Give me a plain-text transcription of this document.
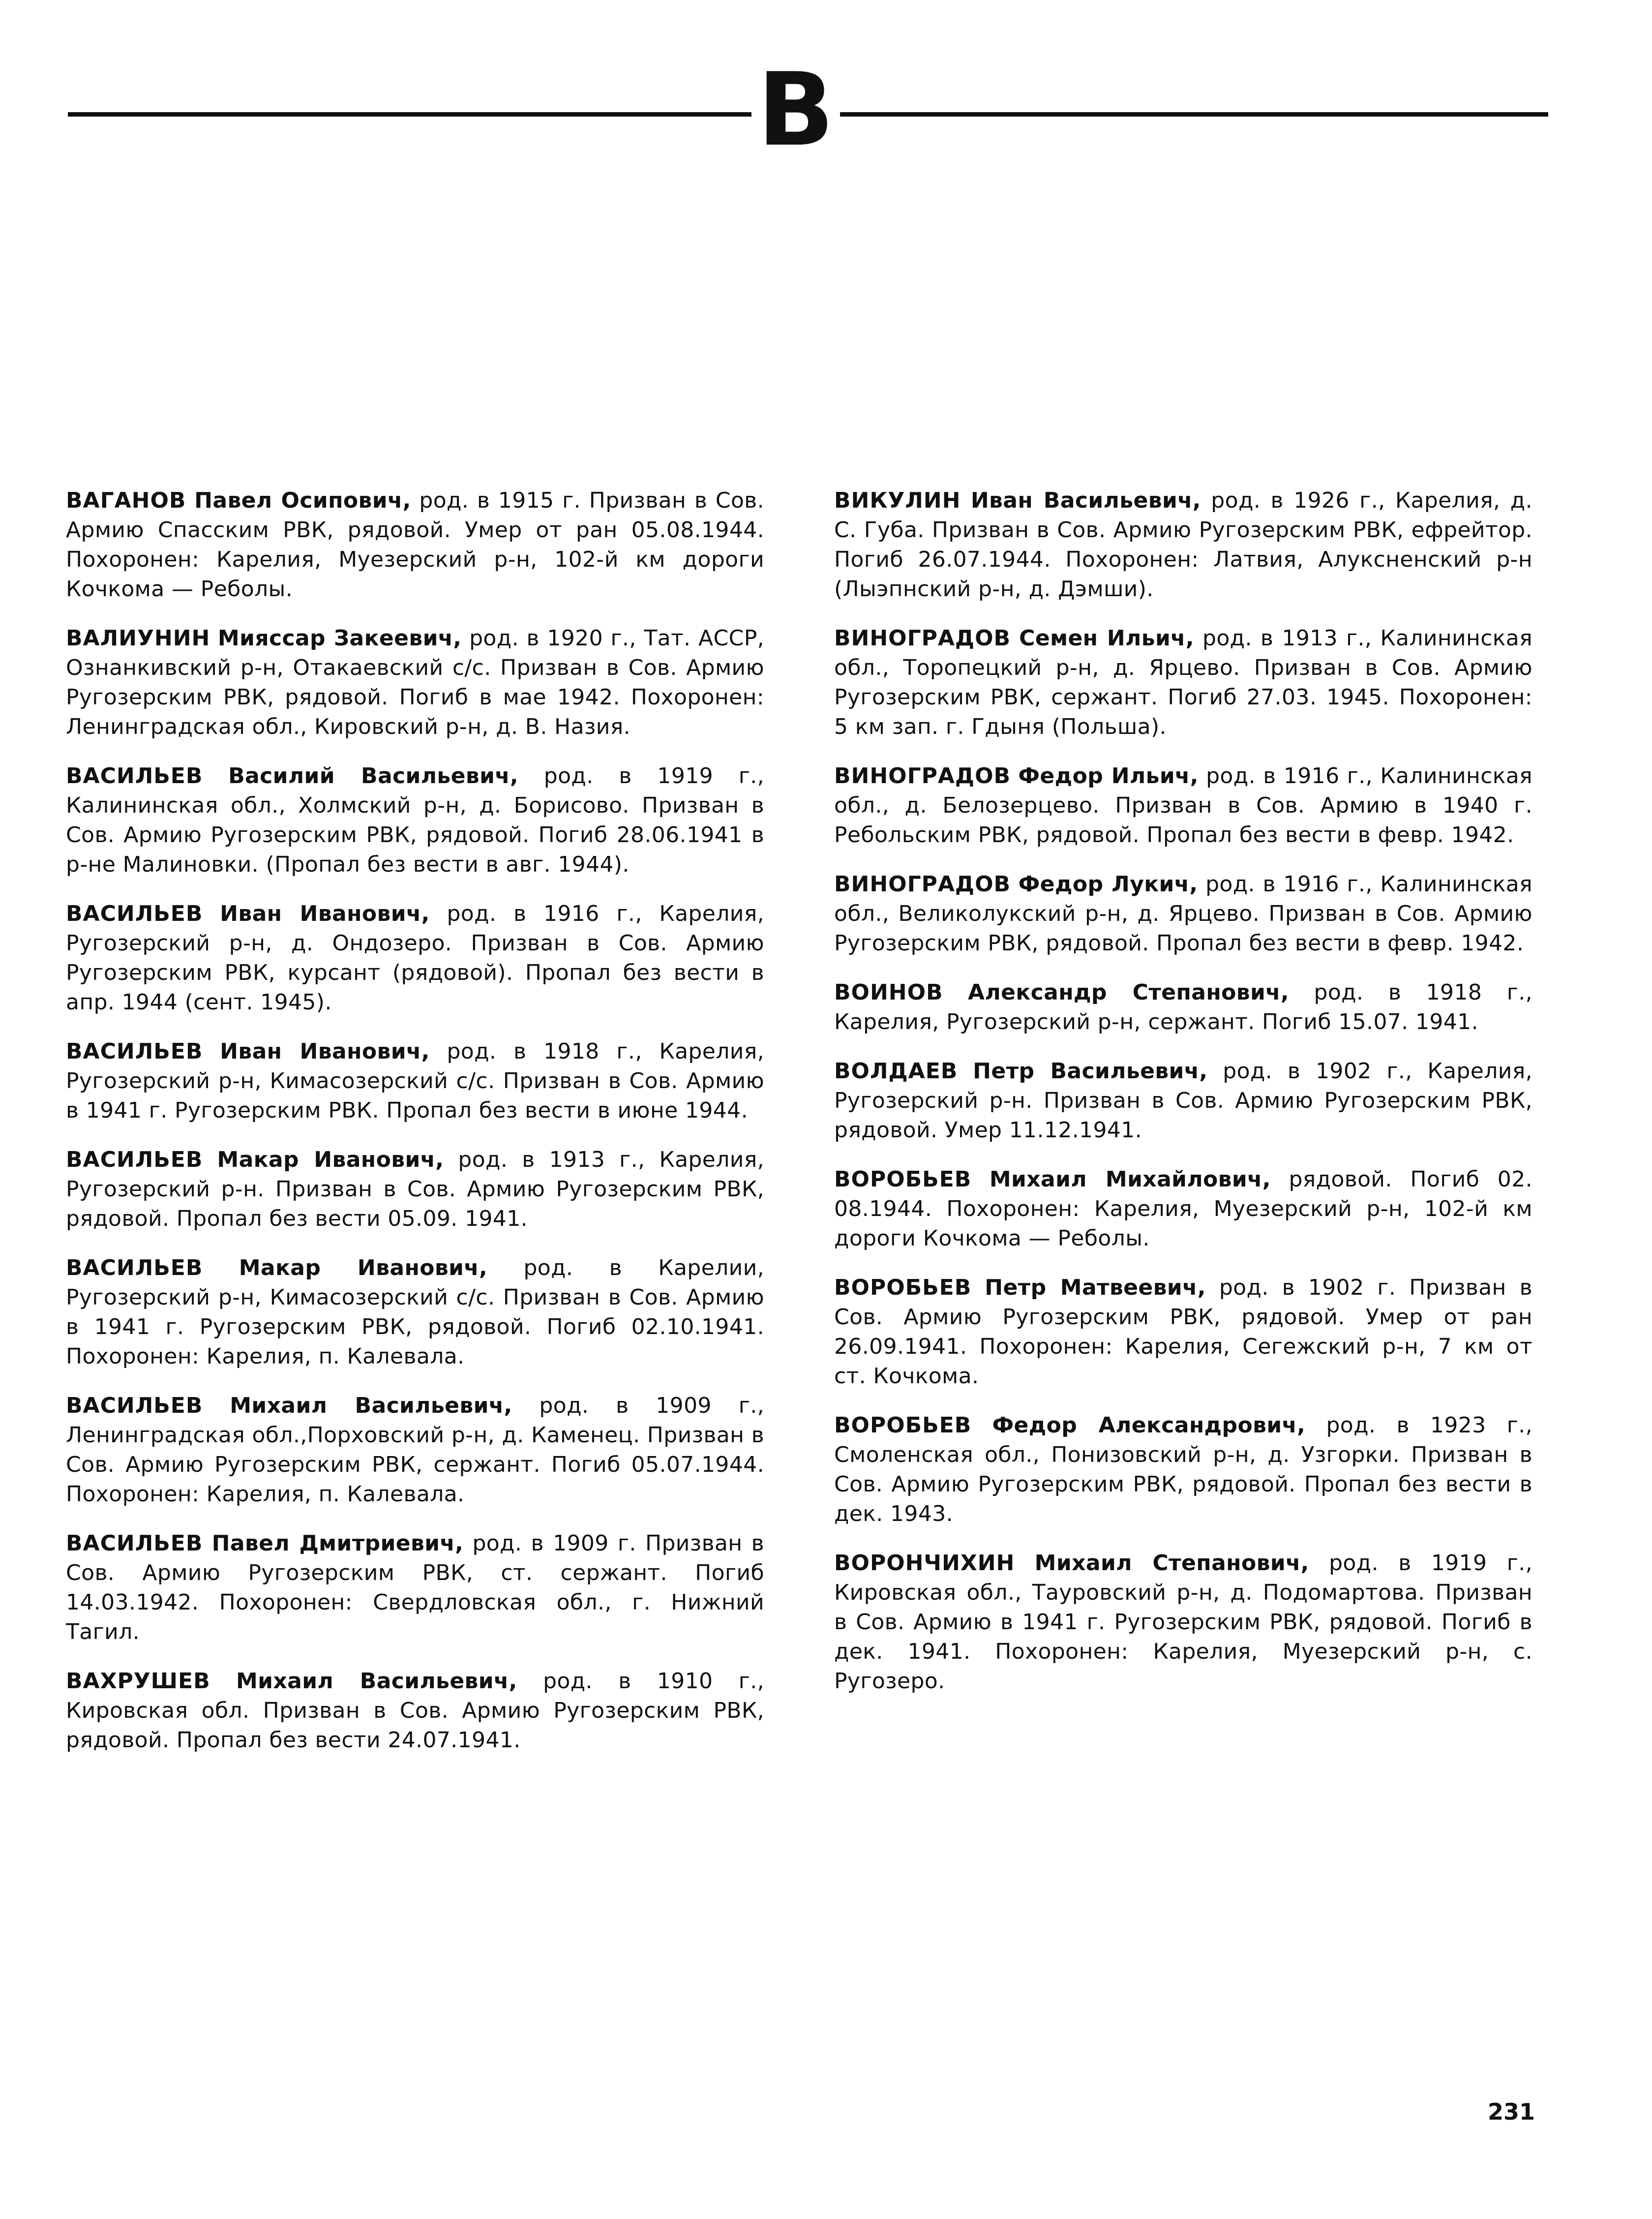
В

ВАГАНОВ Павел Осипович, род. в 1915 г. Призван в Сов. Армию Спасским РВК, рядовой. Умер от ран 05.08.1944. Похоронен: Карелия, Муезерский р-н, 102-й км дороги Кочкома — Реболы.

ВАЛИУНИН Мияссар Закеевич, род. в 1920 г., Тат. АССР, Ознанкивский р-н, Отакаевский с/с. Призван в Сов. Армию Ругозерским РВК, рядовой. Погиб в мае 1942. Похоронен: Ленинградская обл., Кировский р-н, д. В. Назия.

ВАСИЛЬЕВ Василий Васильевич, род. в 1919 г., Калининская обл., Холмский р-н, д. Борисово. Призван в Сов. Армию Ругозерским РВК, рядовой. Погиб 28.06.1941 в р-не Малиновки. (Пропал без вести в авг. 1944).

ВАСИЛЬЕВ Иван Иванович, род. в 1916 г., Карелия, Ругозерский р-н, д. Ондозеро. Призван в Сов. Армию Ругозерским РВК, курсант (рядовой). Пропал без вести в апр. 1944 (сент. 1945).

ВАСИЛЬЕВ Иван Иванович, род. в 1918 г., Карелия, Ругозерский р-н, Кимасозерский с/с. Призван в Сов. Армию в 1941 г. Ругозерским РВК. Пропал без вести в июне 1944.

ВАСИЛЬЕВ Макар Иванович, род. в 1913 г., Карелия, Ругозерский р-н. Призван в Сов. Армию Ругозерским РВК, рядовой. Пропал без вести 05.09. 1941.

ВАСИЛЬЕВ Макар Иванович, род. в Карелии, Ругозерский р-н, Кимасозерский с/с. Призван в Сов. Армию в 1941 г. Ругозерским РВК, рядовой. Погиб 02.10.1941. Похоронен: Карелия, п. Калевала.

ВАСИЛЬЕВ Михаил Васильевич, род. в 1909 г., Ленинградская обл.,Порховский р-н, д. Каменец. Призван в Сов. Армию Ругозерским РВК, сержант. Погиб 05.07.1944. Похоронен: Карелия, п. Калевала.

ВАСИЛЬЕВ Павел Дмитриевич, род. в 1909 г. Призван в Сов. Армию Ругозерским РВК, ст. сержант. Погиб 14.03.1942. Похоронен: Свердловская обл., г. Нижний Тагил.

ВАХРУШЕВ Михаил Васильевич, род. в 1910 г., Кировская обл. Призван в Сов. Армию Ругозерским РВК, рядовой. Пропал без вести 24.07.1941.

ВИКУЛИН Иван Васильевич, род. в 1926 г., Карелия, д. С. Губа. Призван в Сов. Армию Ругозерским РВК, ефрейтор. Погиб 26.07.1944. Похоронен: Латвия, Алуксненский р-н (Лыэпнский р-н, д. Дэмши).

ВИНОГРАДОВ Семен Ильич, род. в 1913 г., Калининская обл., Торопецкий р-н, д. Ярцево. Призван в Сов. Армию Ругозерским РВК, сержант. Погиб 27.03. 1945. Похоронен: 5 км зап. г. Гдыня (Польша).

ВИНОГРАДОВ Федор Ильич, род. в 1916 г., Калининская обл., д. Белозерцево. Призван в Сов. Армию в 1940 г. Ребольским РВК, рядовой. Пропал без вести в февр. 1942.

ВИНОГРАДОВ Федор Лукич, род. в 1916 г., Калининская обл., Великолукский р-н, д. Ярцево. Призван в Сов. Армию Ругозерским РВК, рядовой. Пропал без вести в февр. 1942.

ВОИНОВ Александр Степанович, род. в 1918 г., Карелия, Ругозерский р-н, сержант. Погиб 15.07. 1941.

ВОЛДАЕВ Петр Васильевич, род. в 1902 г., Карелия, Ругозерский р-н. Призван в Сов. Армию Ругозерским РВК, рядовой. Умер 11.12.1941.

ВОРОБЬЕВ Михаил Михайлович, рядовой. Погиб 02. 08.1944. Похоронен: Карелия, Муезерский р-н, 102-й км дороги Кочкома — Реболы.

ВОРОБЬЕВ Петр Матвеевич, род. в 1902 г. Призван в Сов. Армию Ругозерским РВК, рядовой. Умер от ран 26.09.1941. Похоронен: Карелия, Сегежский р-н, 7 км от ст. Кочкома.

ВОРОБЬЕВ Федор Александрович, род. в 1923 г., Смоленская обл., Понизовский р-н, д. Узгорки. Призван в Сов. Армию Ругозерским РВК, рядовой. Пропал без вести в дек. 1943.

ВОРОНЧИХИН Михаил Степанович, род. в 1919 г., Кировская обл., Тауровский р-н, д. Подомартова. Призван в Сов. Армию в 1941 г. Ругозерским РВК, рядовой. Погиб в дек. 1941. Похоронен: Карелия, Муезерский р-н, с. Ругозеро.

231
